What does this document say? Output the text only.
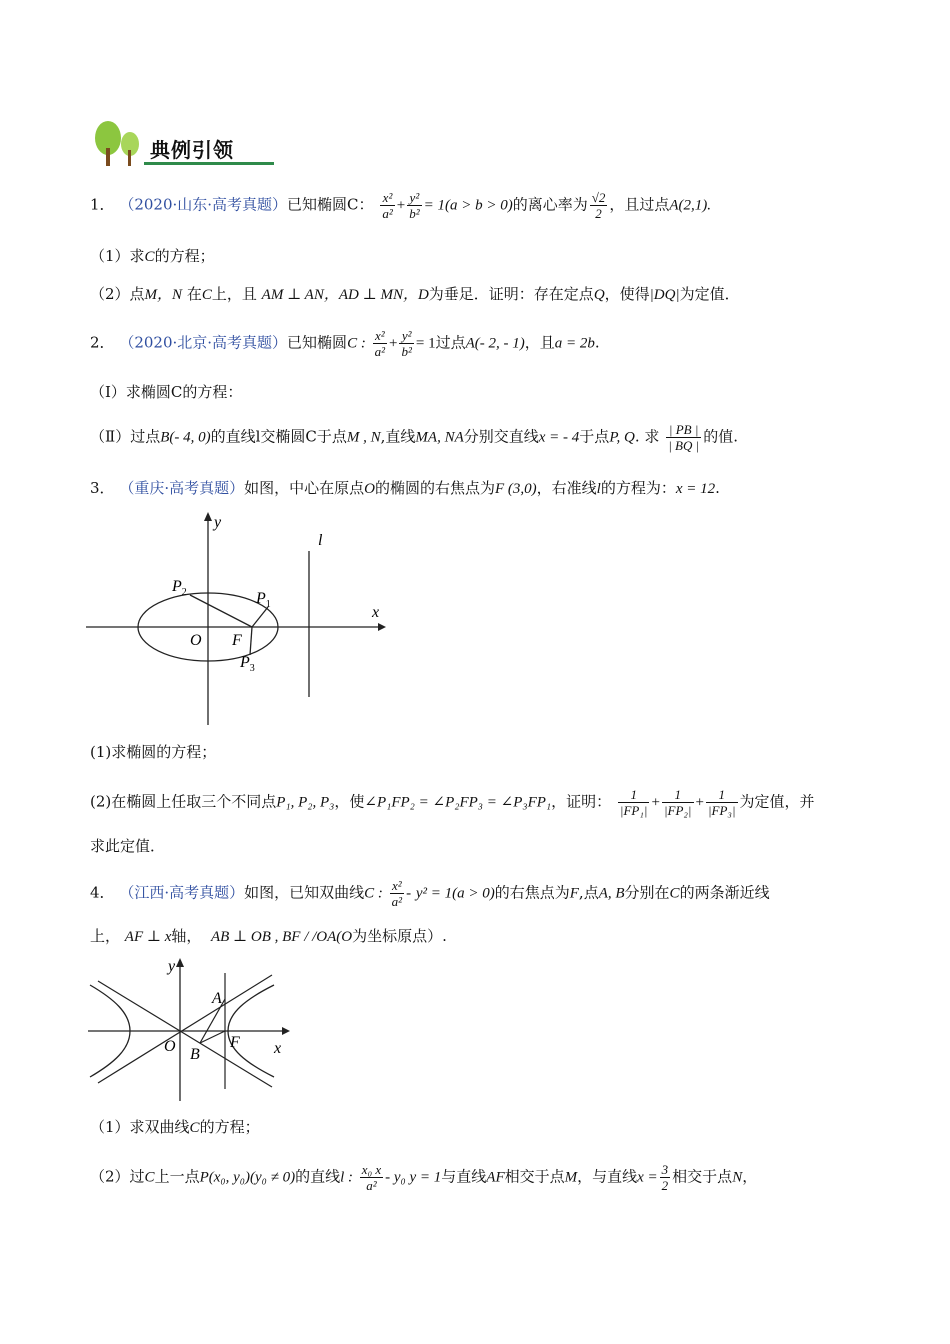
典例引领
1． （2020·山东·高考真题）已知椭圆C： $\frac{\text{x²}}{\text{a²}} + \frac{\text{y²}}{\text{b²}} = 1(a > b > 0)$的离心率为 $\frac{√2}{2}$ ，且过点A(2,1).
（1）求C的方程；
（2）点M，N 在C上，且 AM ⊥ AN，AD ⊥ MN，D为垂足．证明：存在定点Q，使得|DQ|为定值．
2． （2020·北京·高考真题）已知椭圆C : $\frac{\text{x²}}{\text{a²}} + \frac{\text{y²}}{\text{b²}} = 1$过点A(- 2, - 1)，且a = 2b.
（Ⅰ）求椭圆C的方程：
（Ⅱ）过点B(- 4, 0)的直线l交椭圆C于点M , N,直线MA, NA分别交直线x = - 4于点P, Q. 求 $\frac{| PB |}{| BQ |}$ 的值.
3． （重庆·高考真题）如图，中心在原点O的椭圆的右焦点为F (3,0)，右准线l的方程为：x = 12.
y
x
O F
l
$P_2$	$P_1$
$P_3$
(1)求椭圆的方程；
(2)在椭圆上任取三个不同点P₁, P₂, P₃，使∠P₁FP₂ = ∠P₂FP₃ = ∠P₃FP₁，证明： $\frac{1}{\text{|FP₁|}} + \frac{1}{\text{|FP₂|}} + \frac{1}{\text{|FP₃|}}$ 为定值，并
求此定值．
4． （江西·高考真题）如图，已知双曲线C : $\frac{\text{x²}}{\text{a²}} - y^2 = 1(a > 0)$的右焦点为F,点A, B分别在C的两条渐近线
上， AF ⊥ x轴， AB ⊥ OB , BF / /OA(O为坐标原点）.
y
x
O
A
B
F
（1）求双曲线C的方程；
（2）过C上一点P(x₀, y₀)(y₀ ≠ 0)的直线l : $\frac{\text{x₀ x}}{\text{a²}} - y_0$ y = 1与直线AF相交于点M，与直线$x = \frac{3}{2}$ 相交于点N，
